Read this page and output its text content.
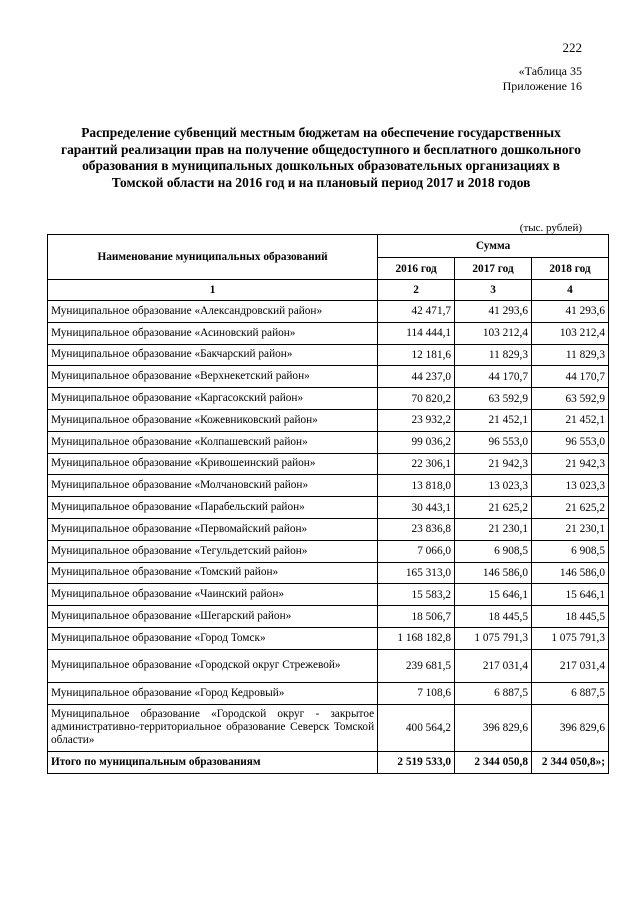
222
«Таблица 35
Приложение 16
Распределение субвенций местным бюджетам на обеспечение государственных гарантий реализации прав на получение общедоступного и бесплатного дошкольного образования в муниципальных дошкольных образовательных организациях в Томской области на 2016 год и на плановый период 2017 и 2018 годов
(тыс. рублей)
Наименование муниципальных образований	Сумма		
	2016 год	2017 год	2018 год
1	2	3	4
Муниципальное образование «Александровский район»	42 471,7	41 293,6	41 293,6
Муниципальное образование «Асиновский район»	114 444,1	103 212,4	103 212,4
Муниципальное образование «Бакчарский район»	12 181,6	11 829,3	11 829,3
Муниципальное образование «Верхнекетский район»	44 237,0	44 170,7	44 170,7
Муниципальное образование «Каргасокский район»	70 820,2	63 592,9	63 592,9
Муниципальное образование «Кожевниковский район»	23 932,2	21 452,1	21 452,1
Муниципальное образование «Колпашевский район»	99 036,2	96 553,0	96 553,0
Муниципальное образование «Кривошеинский район»	22 306,1	21 942,3	21 942,3
Муниципальное образование «Молчановский район»	13 818,0	13 023,3	13 023,3
Муниципальное образование «Парабельский район»	30 443,1	21 625,2	21 625,2
Муниципальное образование «Первомайский район»	23 836,8	21 230,1	21 230,1
Муниципальное образование «Тегульдетский район»	7 066,0	6 908,5	6 908,5
Муниципальное образование «Томский район»	165 313,0	146 586,0	146 586,0
Муниципальное образование «Чаинский район»	15 583,2	15 646,1	15 646,1
Муниципальное образование «Шегарский район»	18 506,7	18 445,5	18 445,5
Муниципальное образование «Город Томск»	1 168 182,8	1 075 791,3	1 075 791,3
Муниципальное образование «Городской округ Стрежевой»	239 681,5	217 031,4	217 031,4
Муниципальное образование «Город Кедровый»	7 108,6	6 887,5	6 887,5
Муниципальное образование «Городской округ - закрытое административно-территориальное образование Северск Томской области»	400 564,2	396 829,6	396 829,6
Итого по муниципальным образованиям	2 519 533,0	2 344 050,8	2 344 050,8»;
